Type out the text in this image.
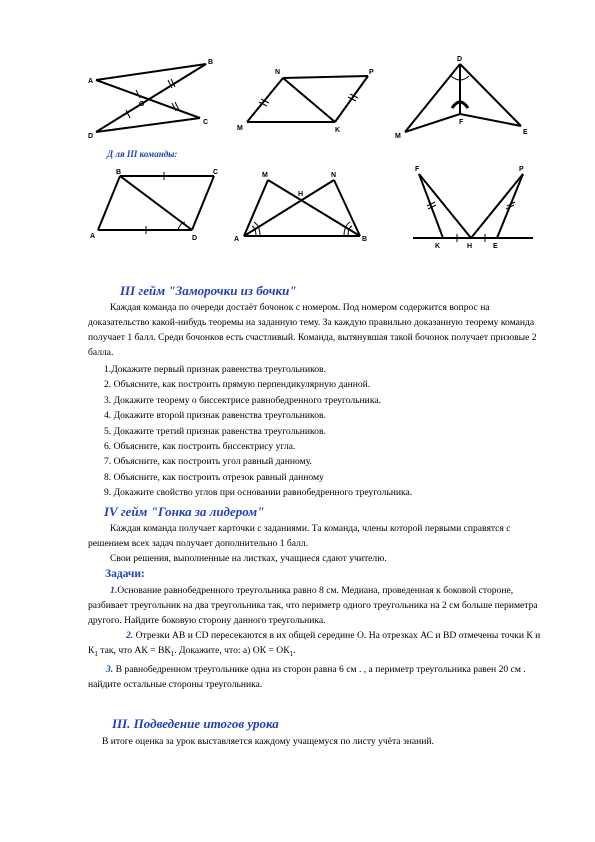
A
B
O
D
C
N	P
M	K
D
F
M
E
Д ля III команды:
B	C
A	D
M	N
H
A	B
F	P
K	H	E
III гейм "Заморочки из бочки"

Каждая команда по очереди достаёт бочонок с номером. Под номером содержится вопрос на доказательство какой-нибудь теоремы на заданную тему. За каждую правильно доказанную теорему команда получает 1 балл. Среди бочонков есть счастливый. Команда, вытянувшая такой бочонок получает призовые 2 балла.

1.Докажите первый признак равенства треугольников.
2. Объясните, как построить прямую перпендикулярную данной.
3. Докажите теорему о биссектрисе равнобедренного треугольника.
4. Докажите второй признак равенства треугольников.
5. Докажите третий признак равенства треугольников.
6. Объясните, как построить биссектрису угла.
7. Объясните, как построить угол равный данному.
8. Объясните, как построить отрезок равный данному
9. Докажите свойство углов при основании равнобедренного треугольника.
IV гейм "Гонка за лидером"

Каждая команда получает карточки с заданиями. Та команда, члены которой первыми справятся с решением всех задач получает дополнительно 1 балл.

Свои решения, выполненные на листках, учащиеся сдают учителю.

Задачи:

1.Основание равнобедренного треугольника равно 8 см. Медиана, проведенная к боковой стороне, разбивает треугольник на два треугольника так, что периметр одного треугольника на 2 см больше периметра другого. Найдите боковую сторону данного треугольника.

2. Отрезки АВ и CD пересекаются в их общей середине О. На отрезках АС и BD отмечены точки К и $К_1$ так, что АК = $ВК_1$. Докажите, что: а) ОК = $ОК_1$.

3. В равнобедренном треугольнике одна из сторон равна 6 см . , а периметр треугольника равен 20 см . найдите остальные стороны треугольника.

III. Подведение итогов урока

В итоге оценка за урок выставляется каждому учащемуся по листу учёта знаний.
